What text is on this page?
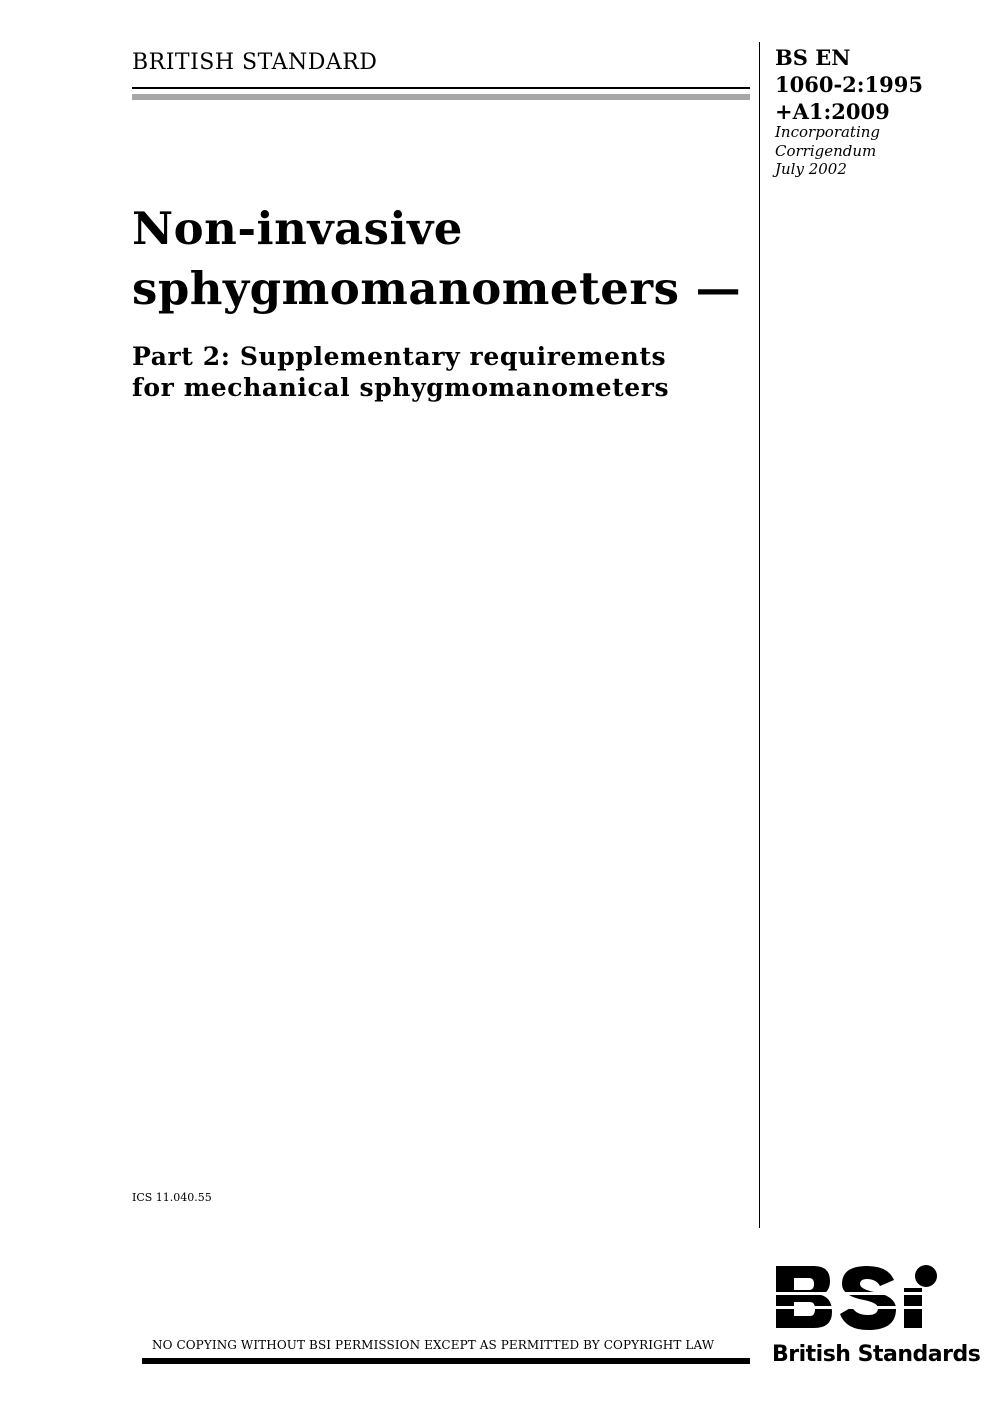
BRITISH STANDARD	BS EN
1060-2:1995
+A1:2009
Incorporating
Corrigendum
July 2002
Non-invasive
sphygmomanometers —
Part 2: Supplementary requirements
for mechanical sphygmomanometers
ICS 11.040.55
NO COPYING WITHOUT BSI PERMISSION EXCEPT AS PERMITTED BY COPYRIGHT LAW	British Standards
